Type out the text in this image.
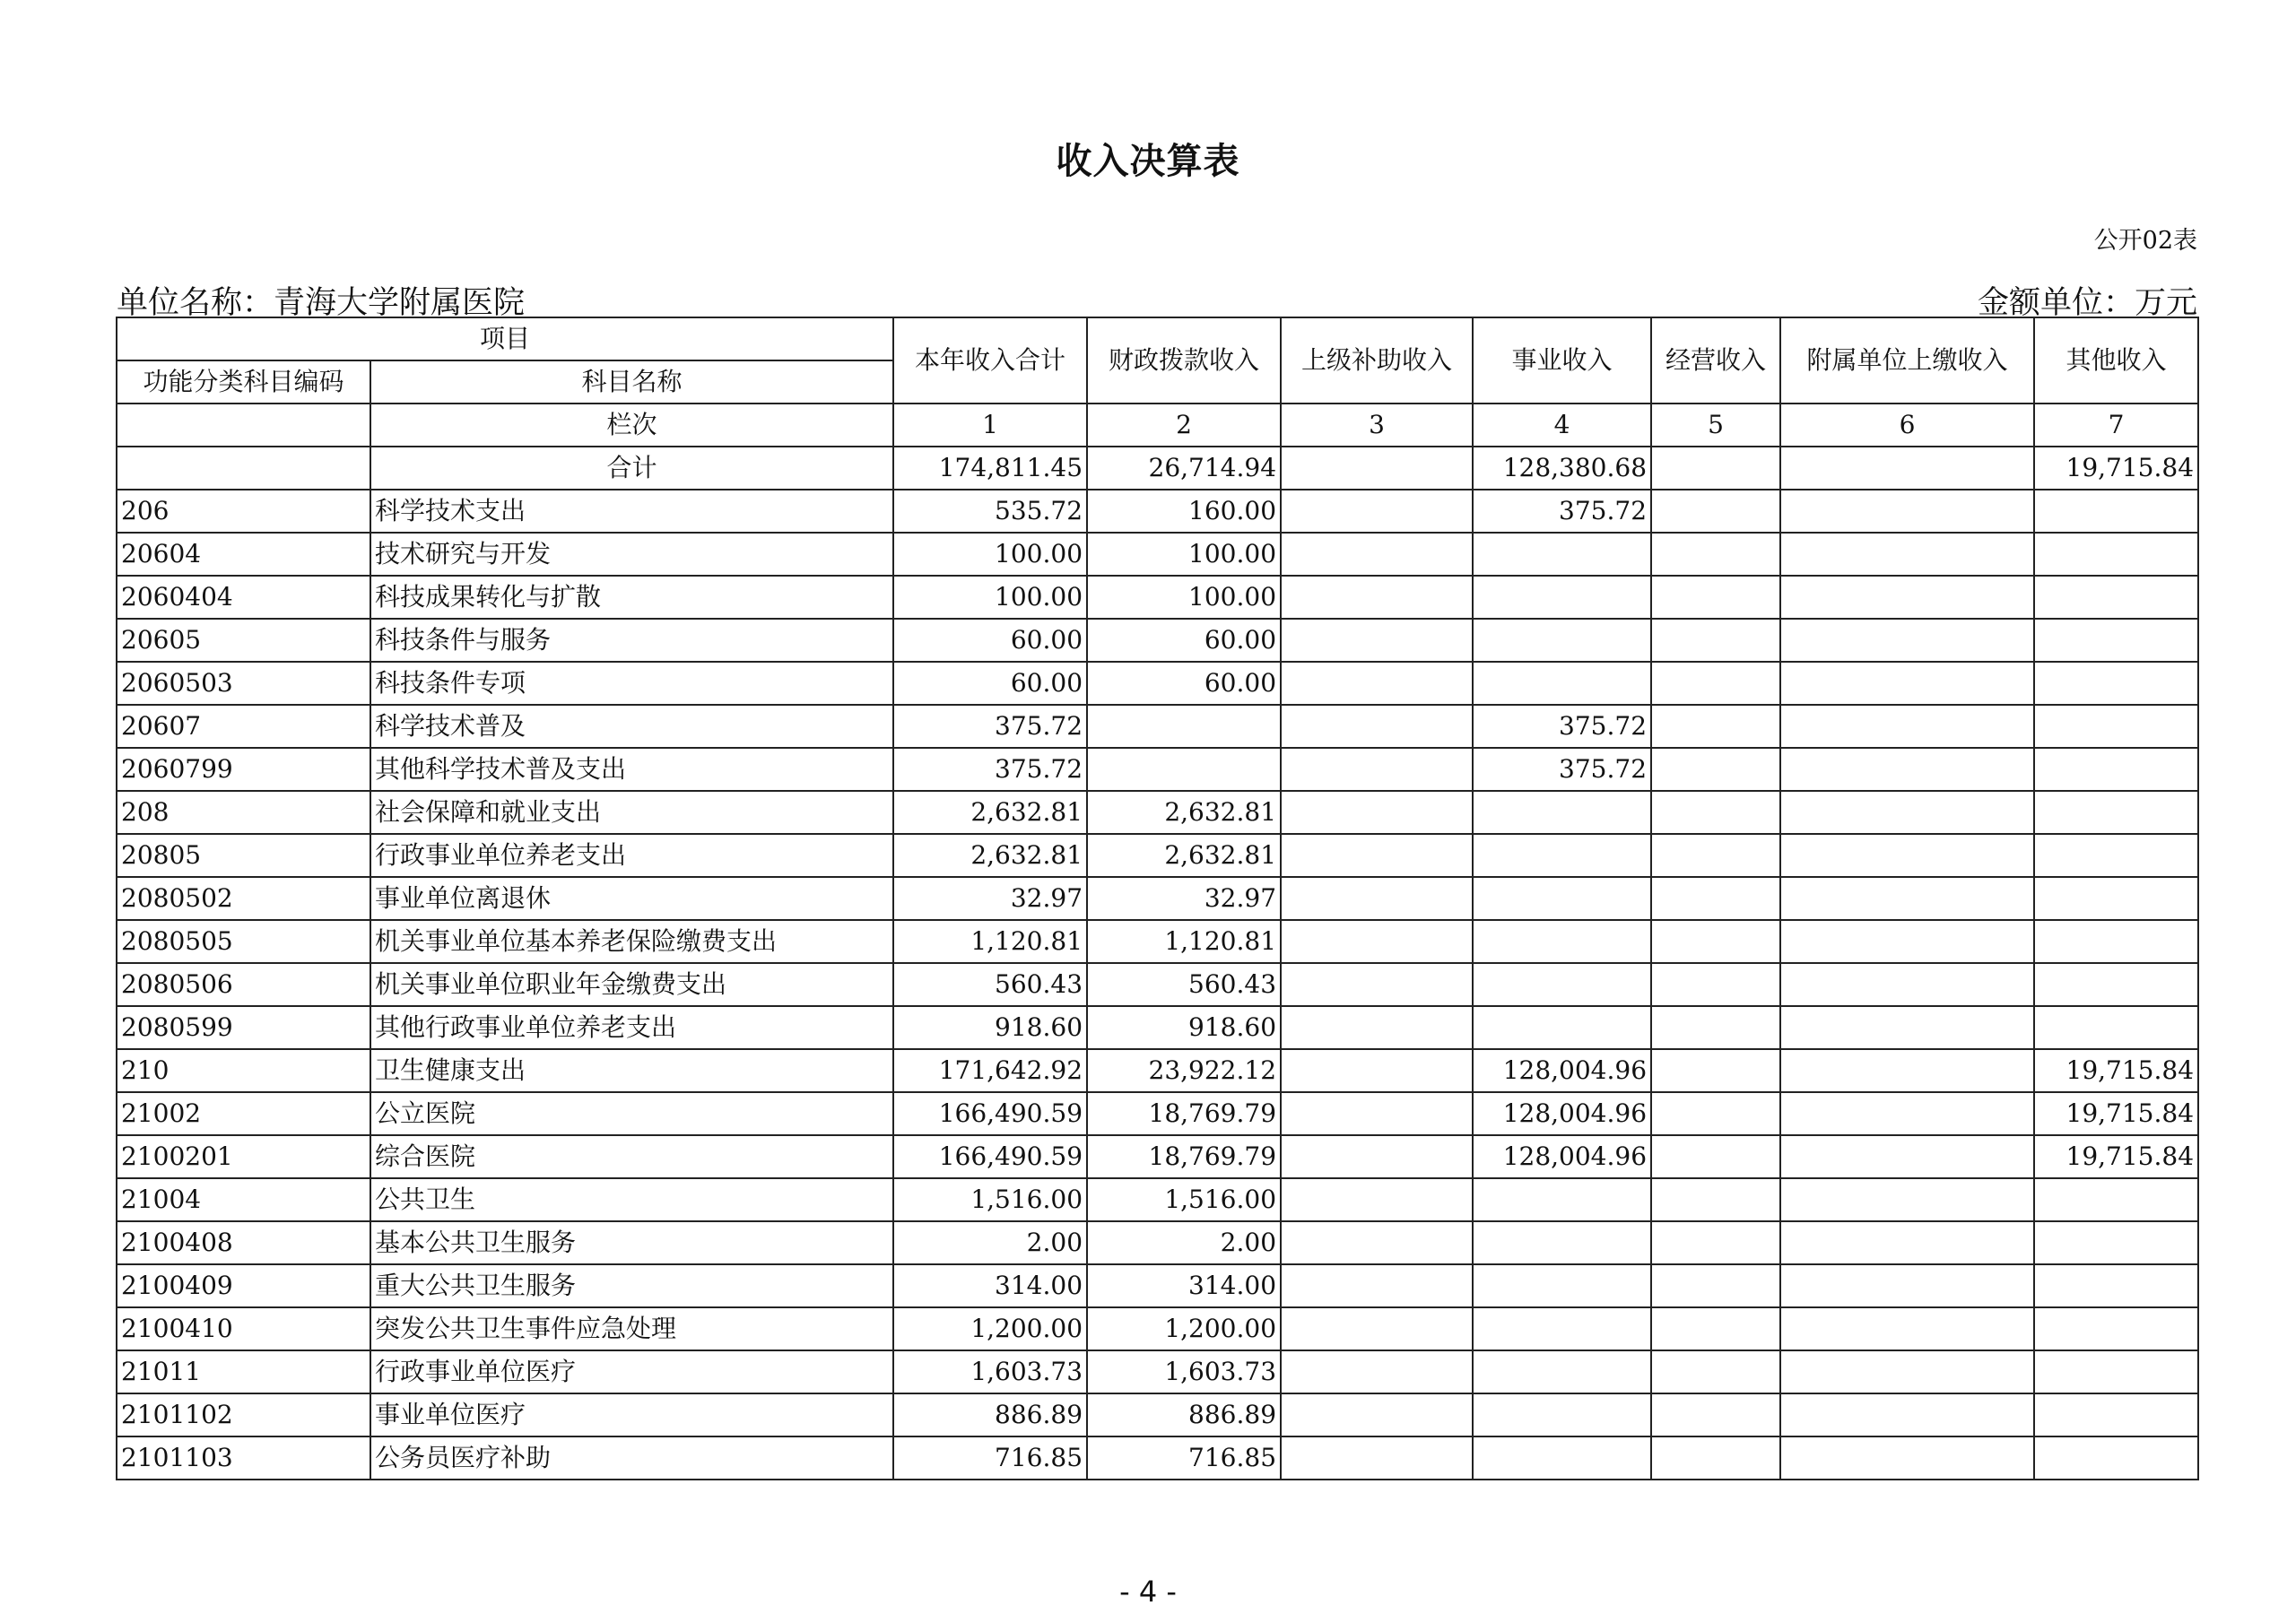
收入决算表
公开02表
单位名称：青海大学附属医院	金额单位：万元
项目		本年收入合计	财政拨款收入	上级补助收入	事业收入	经营收入	附属单位上缴收入	其他收入
功能分类科目编码	科目名称							
	栏次	1	2	3	4	5	6	7
	合计	174,811.45	26,714.94		128,380.68			19,715.84
206	科学技术支出	535.72	160.00		375.72			
20604	技术研究与开发	100.00	100.00					
2060404	科技成果转化与扩散	100.00	100.00					
20605	科技条件与服务	60.00	60.00					
2060503	科技条件专项	60.00	60.00					
20607	科学技术普及	375.72			375.72			
2060799	其他科学技术普及支出	375.72			375.72			
208	社会保障和就业支出	2,632.81	2,632.81					
20805	行政事业单位养老支出	2,632.81	2,632.81					
2080502	事业单位离退休	32.97	32.97					
2080505	机关事业单位基本养老保险缴费支出	1,120.81	1,120.81					
2080506	机关事业单位职业年金缴费支出	560.43	560.43					
2080599	其他行政事业单位养老支出	918.60	918.60					
210	卫生健康支出	171,642.92	23,922.12		128,004.96			19,715.84
21002	公立医院	166,490.59	18,769.79		128,004.96			19,715.84
2100201	综合医院	166,490.59	18,769.79		128,004.96			19,715.84
21004	公共卫生	1,516.00	1,516.00					
2100408	基本公共卫生服务	2.00	2.00					
2100409	重大公共卫生服务	314.00	314.00					
2100410	突发公共卫生事件应急处理	1,200.00	1,200.00					
21011	行政事业单位医疗	1,603.73	1,603.73					
2101102	事业单位医疗	886.89	886.89					
2101103	公务员医疗补助	716.85	716.85					
- 4 -
